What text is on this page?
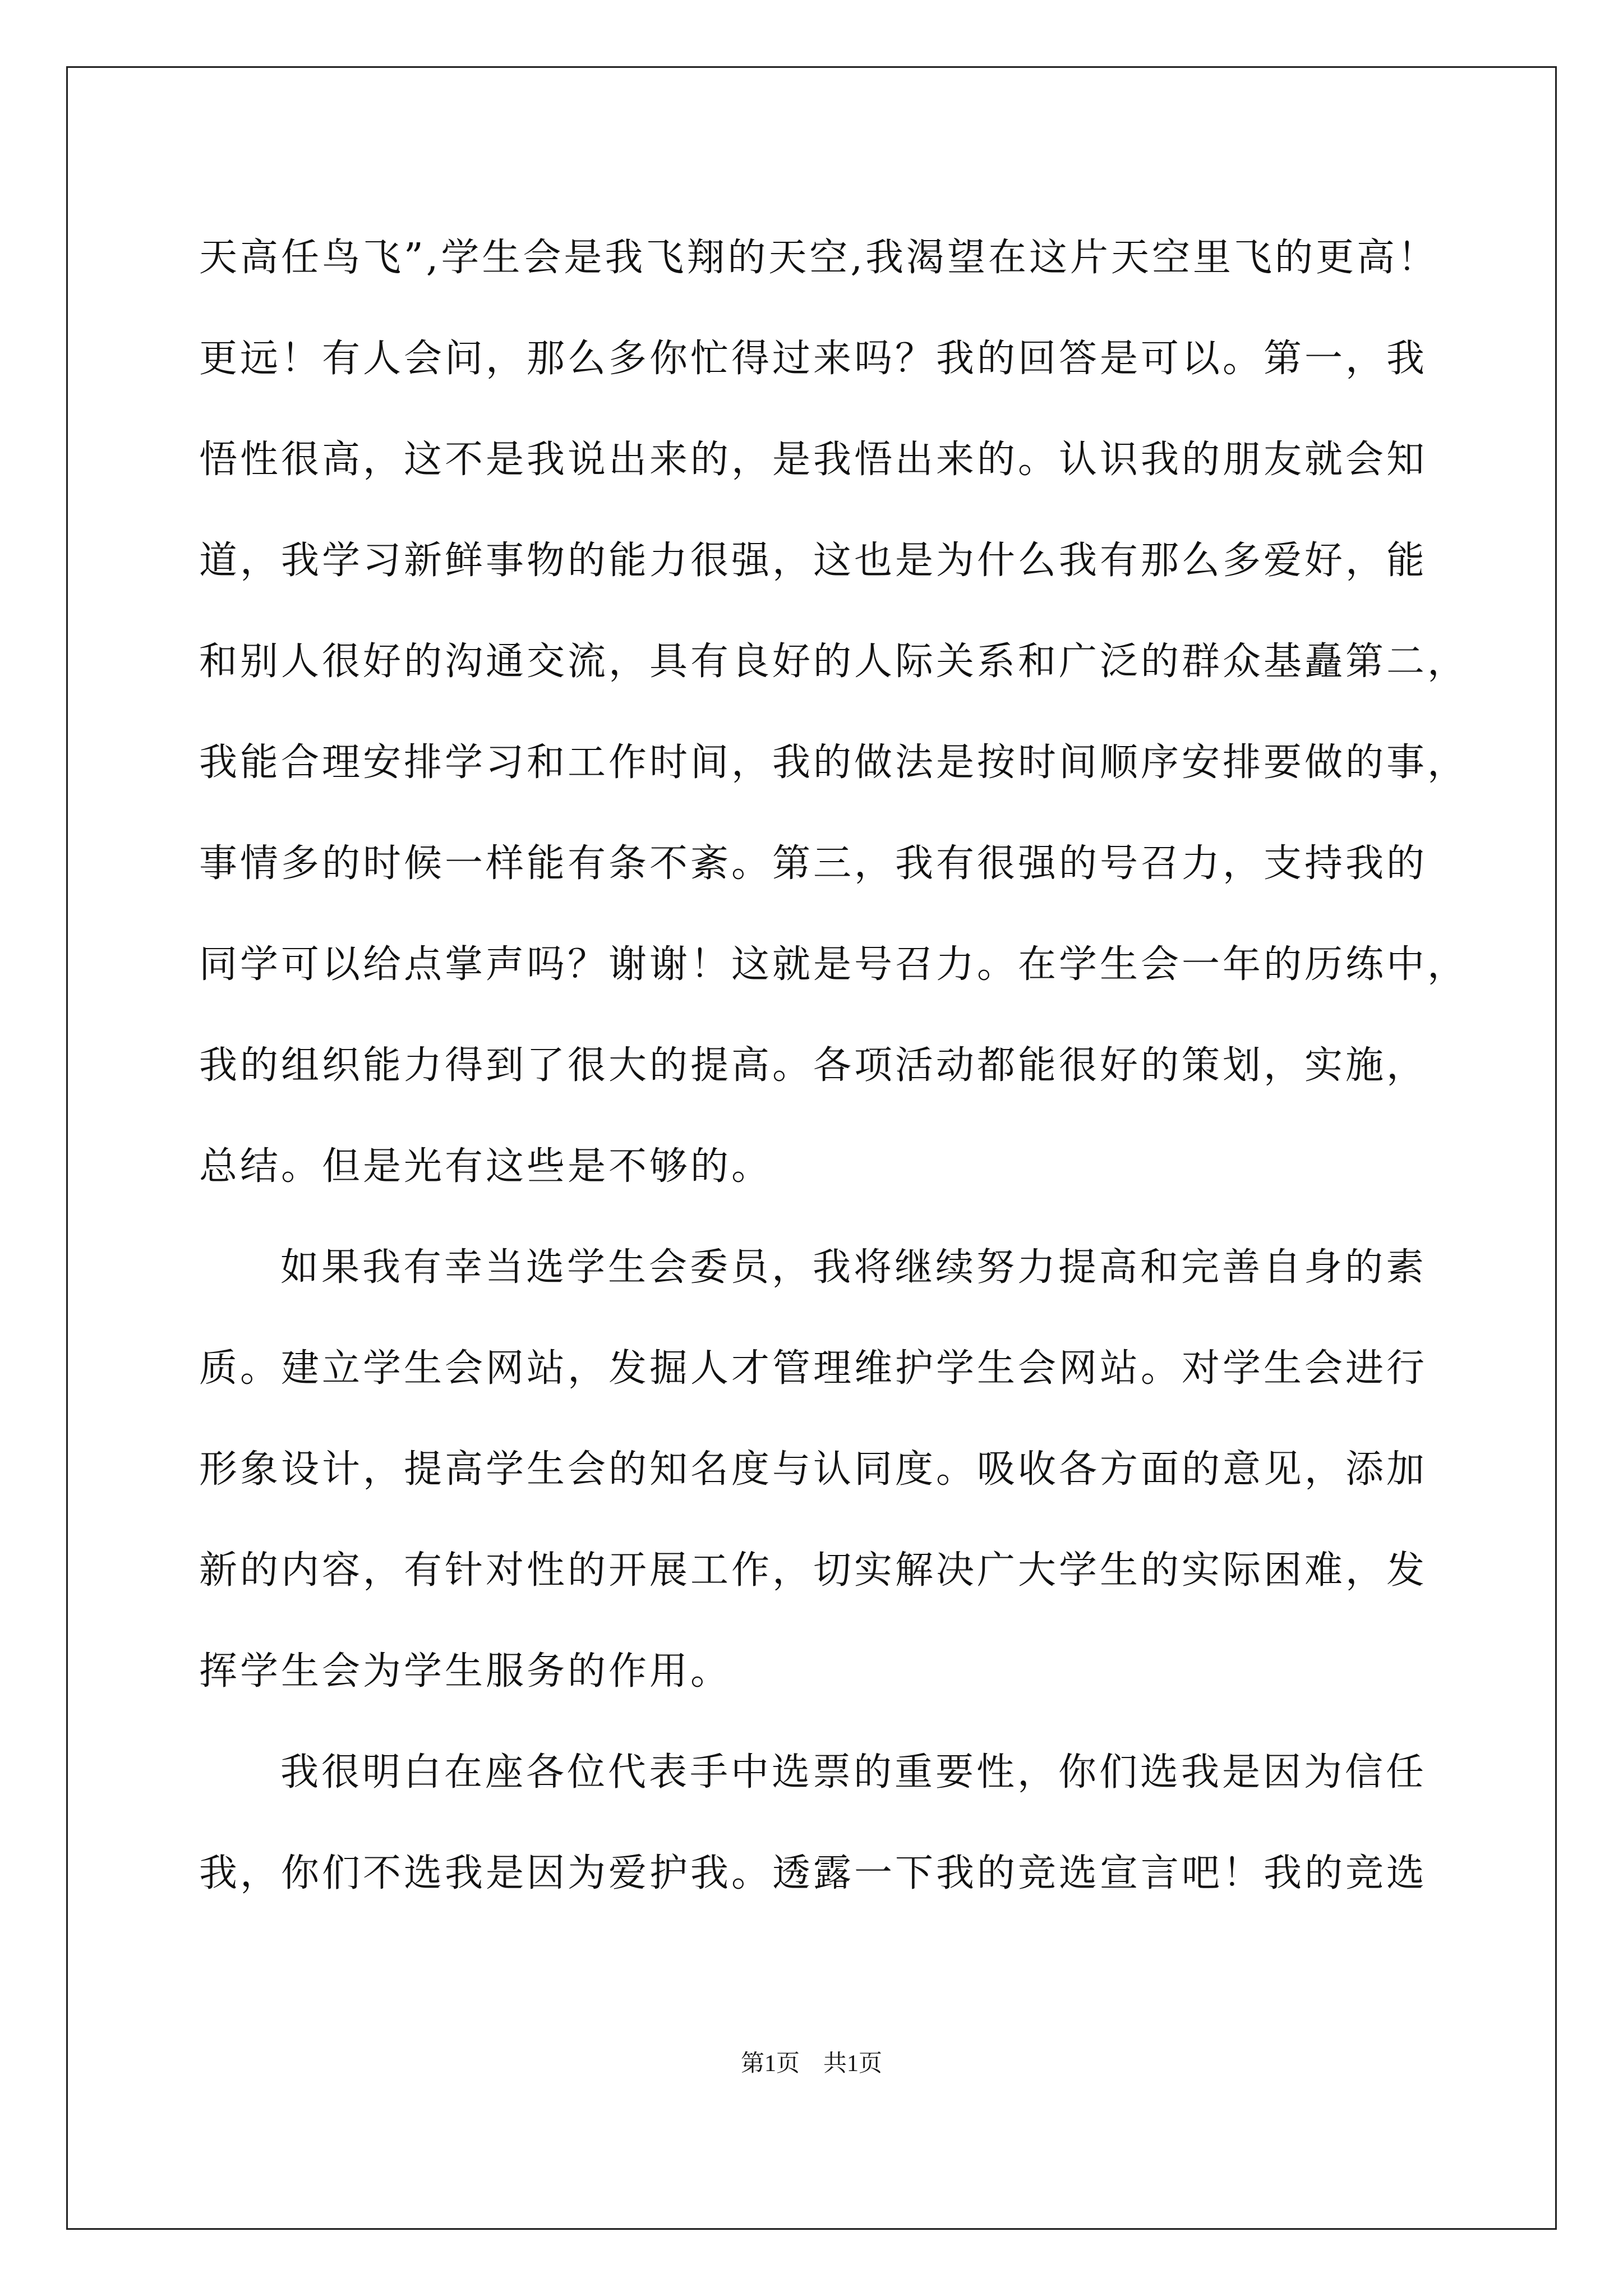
天高任鸟飞”,学生会是我飞翔的天空,我渴望在这片天空里飞的更高！
更远！有人会问，那么多你忙得过来吗？我的回答是可以。第一，我
悟性很高，这不是我说出来的，是我悟出来的。认识我的朋友就会知
道，我学习新鲜事物的能力很强，这也是为什么我有那么多爱好，能
和别人很好的沟通交流，具有良好的人际关系和广泛的群众基矗第二，
我能合理安排学习和工作时间，我的做法是按时间顺序安排要做的事，
事情多的时候一样能有条不紊。第三，我有很强的号召力，支持我的
同学可以给点掌声吗？谢谢！这就是号召力。在学生会一年的历练中，
我的组织能力得到了很大的提高。各项活动都能很好的策划，实施，
总结。但是光有这些是不够的。
如果我有幸当选学生会委员，我将继续努力提高和完善自身的素
质。建立学生会网站，发掘人才管理维护学生会网站。对学生会进行
形象设计，提高学生会的知名度与认同度。吸收各方面的意见，添加
新的内容，有针对性的开展工作，切实解决广大学生的实际困难，发
挥学生会为学生服务的作用。
我很明白在座各位代表手中选票的重要性，你们选我是因为信任
我，你们不选我是因为爱护我。透露一下我的竞选宣言吧！我的竞选
第1页　共1页
